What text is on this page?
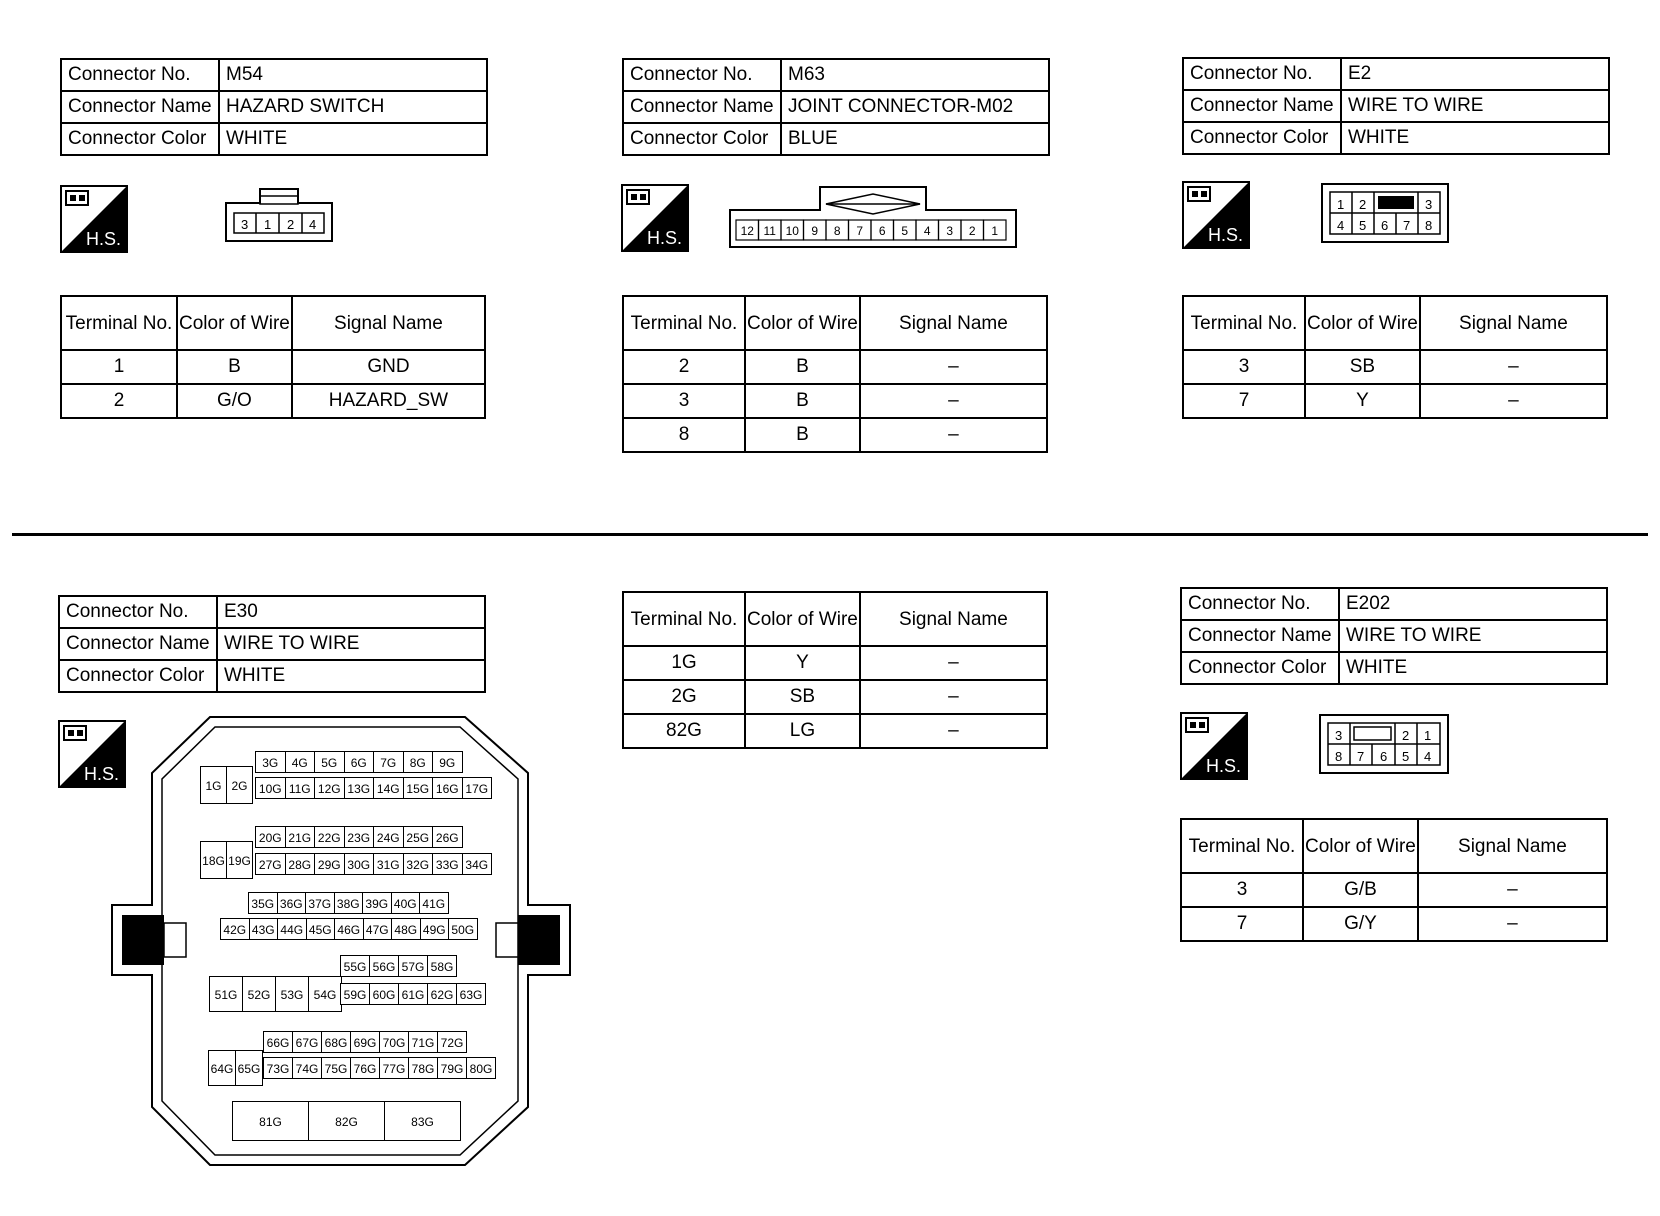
Connector No.	M54
Connector Name	HAZARD SWITCH
Connector Color	WHITE
H.S.
3 1 2 4
Terminal No.	Color of Wire	Signal Name
1	B	GND
2	G/O	HAZARD_SW
Connector No.	M63
Connector Name	JOINT CONNECTOR-M02
Connector Color	BLUE
H.S.	12 11 10 9 8 7 6 5 4 3 2 1
Terminal No.	Color of Wire	Signal Name
2	B	–
3	B	–
8	B	–
Connector No.	E2
Connector Name	WIRE TO WIRE
Connector Color	WHITE
H.S.
1 2	3
4 5 6 7 8
Terminal No.	Color of Wire	Signal Name
3	SB	–
7	Y	–
Connector No.	E30
Connector Name	WIRE TO WIRE
Connector Color	WHITE
H.S.
1G 2G
3G	4G	5G	6G	7G	8G	9G
10G 11G 12G 13G 14G 15G 16G 17G
18G 19G
20G 21G 22G 23G 24G 25G 26G
27G 28G 29G 30G 31G 32G 33G 34G
35G 36G 37G 38G 39G 40G 41G
42G 43G 44G 45G 46G 47G 48G 49G 50G
51G 52G 53G 54G
55G 56G 57G 58G
59G 60G 61G 62G 63G
64G 65G
66G 67G 68G 69G 70G 71G 72G
73G 74G 75G 76G 77G 78G 79G 80G
81G	82G	83G
Terminal No.	Color of Wire	Signal Name
1G	Y	–
2G	SB	–
82G	LG	–
Connector No.	E202
Connector Name	WIRE TO WIRE
Connector Color	WHITE
H.S.
3	2 1
8 7 6 5 4
Terminal No.	Color of Wire	Signal Name
3	G/B	–
7	G/Y	–
